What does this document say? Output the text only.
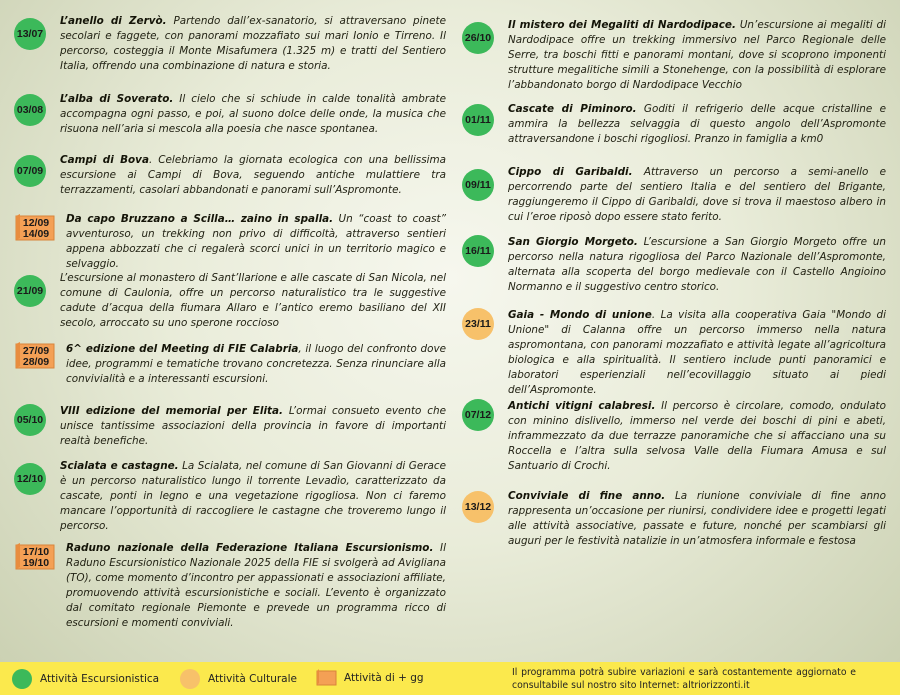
13/07
L’anello di Zervò. Partendo dall’ex-sanatorio, si attraversano pinete secolari e faggete, con panorami mozzafiato sui mari Ionio e Tirreno. Il percorso, costeggia il Monte Misafumera (1.325 m) e tratti del Sentiero Italia, offrendo una combinazione di natura e storia.
03/08
L’alba di Soverato. Il cielo che si schiude in calde tonalità ambrate accompagna ogni passo, e poi, al suono dolce delle onde, la musica che risuona nell’aria si mescola alla poesia che nasce spontanea.
07/09
Campi di Bova. Celebriamo la giornata ecologica con una bellissima escursione ai Campi di Bova, seguendo antiche mulattiere tra terrazzamenti, casolari abbandonati e panorami sull’Aspromonte.
12/09
14/09
Da capo Bruzzano a Scilla… zaino in spalla. Un “coast to coast” avventuroso, un trekking non privo di difficoltà, attraverso sentieri appena abbozzati che ci regalerà scorci unici in un territorio magico e selvaggio.
21/09
L’escursione al monastero di Sant’Ilarione e alle cascate di San Nicola, nel comune di Caulonia, offre un percorso naturalistico tra le suggestive cadute d’acqua della fiumara Allaro e l’antico eremo basiliano del XII secolo, arroccato su uno sperone roccioso
27/09
28/09
6^ edizione del Meeting di FIE Calabria, il luogo del confronto dove idee, programmi e tematiche trovano concretezza. Senza rinunciare alla convivialità e a interessanti escursioni.
05/10
VIII edizione del memorial per Elita. L’ormai consueto evento che unisce tantissime associazioni della provincia in favore di importanti realtà benefiche.
12/10
Scialata e castagne. La Scialata, nel comune di San Giovanni di Gerace è un percorso naturalistico lungo il torrente Levadìo, caratterizzato da cascate, ponti in legno e una vegetazione rigogliosa. Non ci faremo mancare l’opportunità di raccogliere le castagne che troveremo lungo il percorso.
17/10
19/10
Raduno nazionale della Federazione Italiana Escursionismo. Il Raduno Escursionistico Nazionale 2025 della FIE si svolgerà ad Avigliana (TO), come momento d’incontro per appassionati e associazioni affiliate, promuovendo attività escursionistiche e sociali. L’evento è organizzato dal comitato regionale Piemonte e prevede un programma ricco di escursioni e momenti conviviali.
26/10
Il mistero dei Megaliti di Nardodipace. Un’escursione ai megaliti di Nardodipace offre un trekking immersivo nel Parco Regionale delle Serre, tra boschi fitti e panorami montani, dove si scoprono imponenti strutture megalitiche simili a Stonehenge, con la possibilità di esplorare l’abbandonato borgo di Nardodipace Vecchio
01/11
Cascate di Piminoro. Goditi il refrigerio delle acque cristalline e ammira la bellezza selvaggia di questo angolo dell’Aspromonte attraversandone i boschi rigogliosi. Pranzo in famiglia a km0
09/11
Cippo di Garibaldi. Attraverso un percorso a semi-anello e percorrendo parte del sentiero Italia e del sentiero del Brigante, raggiungeremo il Cippo di Garibaldi, dove si trova il maestoso albero in cui l’eroe riposò dopo essere stato ferito.
16/11
San Giorgio Morgeto. L’escursione a San Giorgio Morgeto offre un percorso nella natura rigogliosa del Parco Nazionale dell’Aspromonte, alternata alla scoperta del borgo medievale con il Castello Angioino Normanno e il suggestivo centro storico.
23/11
Gaia - Mondo di unione. La visita alla cooperativa Gaia "Mondo di Unione" di Calanna offre un percorso immerso nella natura aspromontana, con panorami mozzafiato e attività legate all’agricoltura biologica e alla spiritualità. Il sentiero include punti panoramici e laboratori esperienziali nell’ecovillaggio situato ai piedi dell’Aspromonte.
07/12
Antichi vitigni calabresi. Il percorso è circolare, comodo, ondulato con minino dislivello, immerso nel verde dei boschi di pini e abeti, inframmezzato da due terrazze panoramiche che si affacciano una su Roccella e l’altra sulla selvosa Valle della Fiumara Amusa e sul Santuario di Crochi.
13/12
Conviviale di fine anno. La riunione conviviale di fine anno rappresenta un’occasione per riunirsi, condividere idee e progetti legati alle attività associative, passate e future, nonché per scambiarsi gli auguri per le festività natalizie in un’atmosfera informale e festosa
Attività Escursionistica	Attività Culturale	Attività di + gg	Il programma potrà subire variazioni e sarà costantemente aggiornato e consultabile sul nostro sito Internet: altriorizzonti.it
